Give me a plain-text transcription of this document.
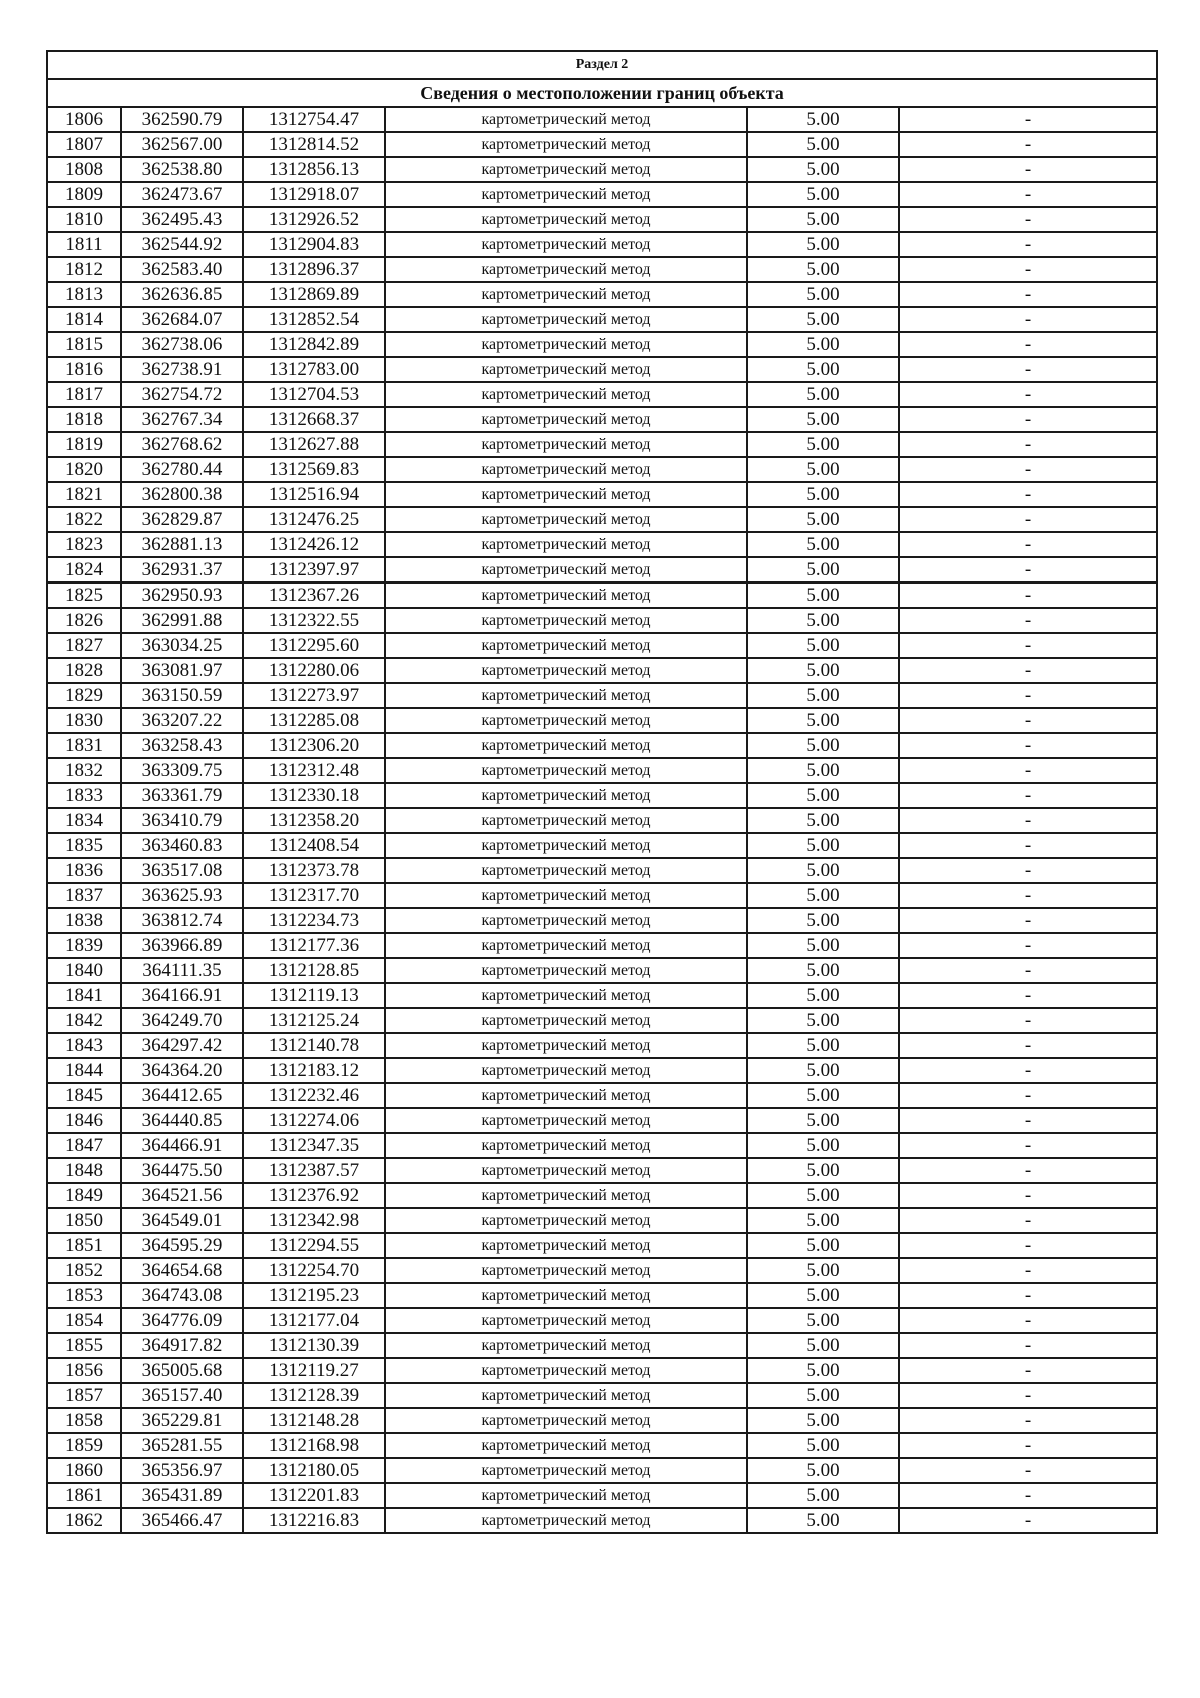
Раздел 2					
Сведения о местоположении границ объекта					
1806	362590.79	1312754.47	картометрический метод	5.00	-
1807	362567.00	1312814.52	картометрический метод	5.00	-
1808	362538.80	1312856.13	картометрический метод	5.00	-
1809	362473.67	1312918.07	картометрический метод	5.00	-
1810	362495.43	1312926.52	картометрический метод	5.00	-
1811	362544.92	1312904.83	картометрический метод	5.00	-
1812	362583.40	1312896.37	картометрический метод	5.00	-
1813	362636.85	1312869.89	картометрический метод	5.00	-
1814	362684.07	1312852.54	картометрический метод	5.00	-
1815	362738.06	1312842.89	картометрический метод	5.00	-
1816	362738.91	1312783.00	картометрический метод	5.00	-
1817	362754.72	1312704.53	картометрический метод	5.00	-
1818	362767.34	1312668.37	картометрический метод	5.00	-
1819	362768.62	1312627.88	картометрический метод	5.00	-
1820	362780.44	1312569.83	картометрический метод	5.00	-
1821	362800.38	1312516.94	картометрический метод	5.00	-
1822	362829.87	1312476.25	картометрический метод	5.00	-
1823	362881.13	1312426.12	картометрический метод	5.00	-
1824	362931.37	1312397.97	картометрический метод	5.00	-
1825	362950.93	1312367.26	картометрический метод	5.00	-
1826	362991.88	1312322.55	картометрический метод	5.00	-
1827	363034.25	1312295.60	картометрический метод	5.00	-
1828	363081.97	1312280.06	картометрический метод	5.00	-
1829	363150.59	1312273.97	картометрический метод	5.00	-
1830	363207.22	1312285.08	картометрический метод	5.00	-
1831	363258.43	1312306.20	картометрический метод	5.00	-
1832	363309.75	1312312.48	картометрический метод	5.00	-
1833	363361.79	1312330.18	картометрический метод	5.00	-
1834	363410.79	1312358.20	картометрический метод	5.00	-
1835	363460.83	1312408.54	картометрический метод	5.00	-
1836	363517.08	1312373.78	картометрический метод	5.00	-
1837	363625.93	1312317.70	картометрический метод	5.00	-
1838	363812.74	1312234.73	картометрический метод	5.00	-
1839	363966.89	1312177.36	картометрический метод	5.00	-
1840	364111.35	1312128.85	картометрический метод	5.00	-
1841	364166.91	1312119.13	картометрический метод	5.00	-
1842	364249.70	1312125.24	картометрический метод	5.00	-
1843	364297.42	1312140.78	картометрический метод	5.00	-
1844	364364.20	1312183.12	картометрический метод	5.00	-
1845	364412.65	1312232.46	картометрический метод	5.00	-
1846	364440.85	1312274.06	картометрический метод	5.00	-
1847	364466.91	1312347.35	картометрический метод	5.00	-
1848	364475.50	1312387.57	картометрический метод	5.00	-
1849	364521.56	1312376.92	картометрический метод	5.00	-
1850	364549.01	1312342.98	картометрический метод	5.00	-
1851	364595.29	1312294.55	картометрический метод	5.00	-
1852	364654.68	1312254.70	картометрический метод	5.00	-
1853	364743.08	1312195.23	картометрический метод	5.00	-
1854	364776.09	1312177.04	картометрический метод	5.00	-
1855	364917.82	1312130.39	картометрический метод	5.00	-
1856	365005.68	1312119.27	картометрический метод	5.00	-
1857	365157.40	1312128.39	картометрический метод	5.00	-
1858	365229.81	1312148.28	картометрический метод	5.00	-
1859	365281.55	1312168.98	картометрический метод	5.00	-
1860	365356.97	1312180.05	картометрический метод	5.00	-
1861	365431.89	1312201.83	картометрический метод	5.00	-
1862	365466.47	1312216.83	картометрический метод	5.00	-
